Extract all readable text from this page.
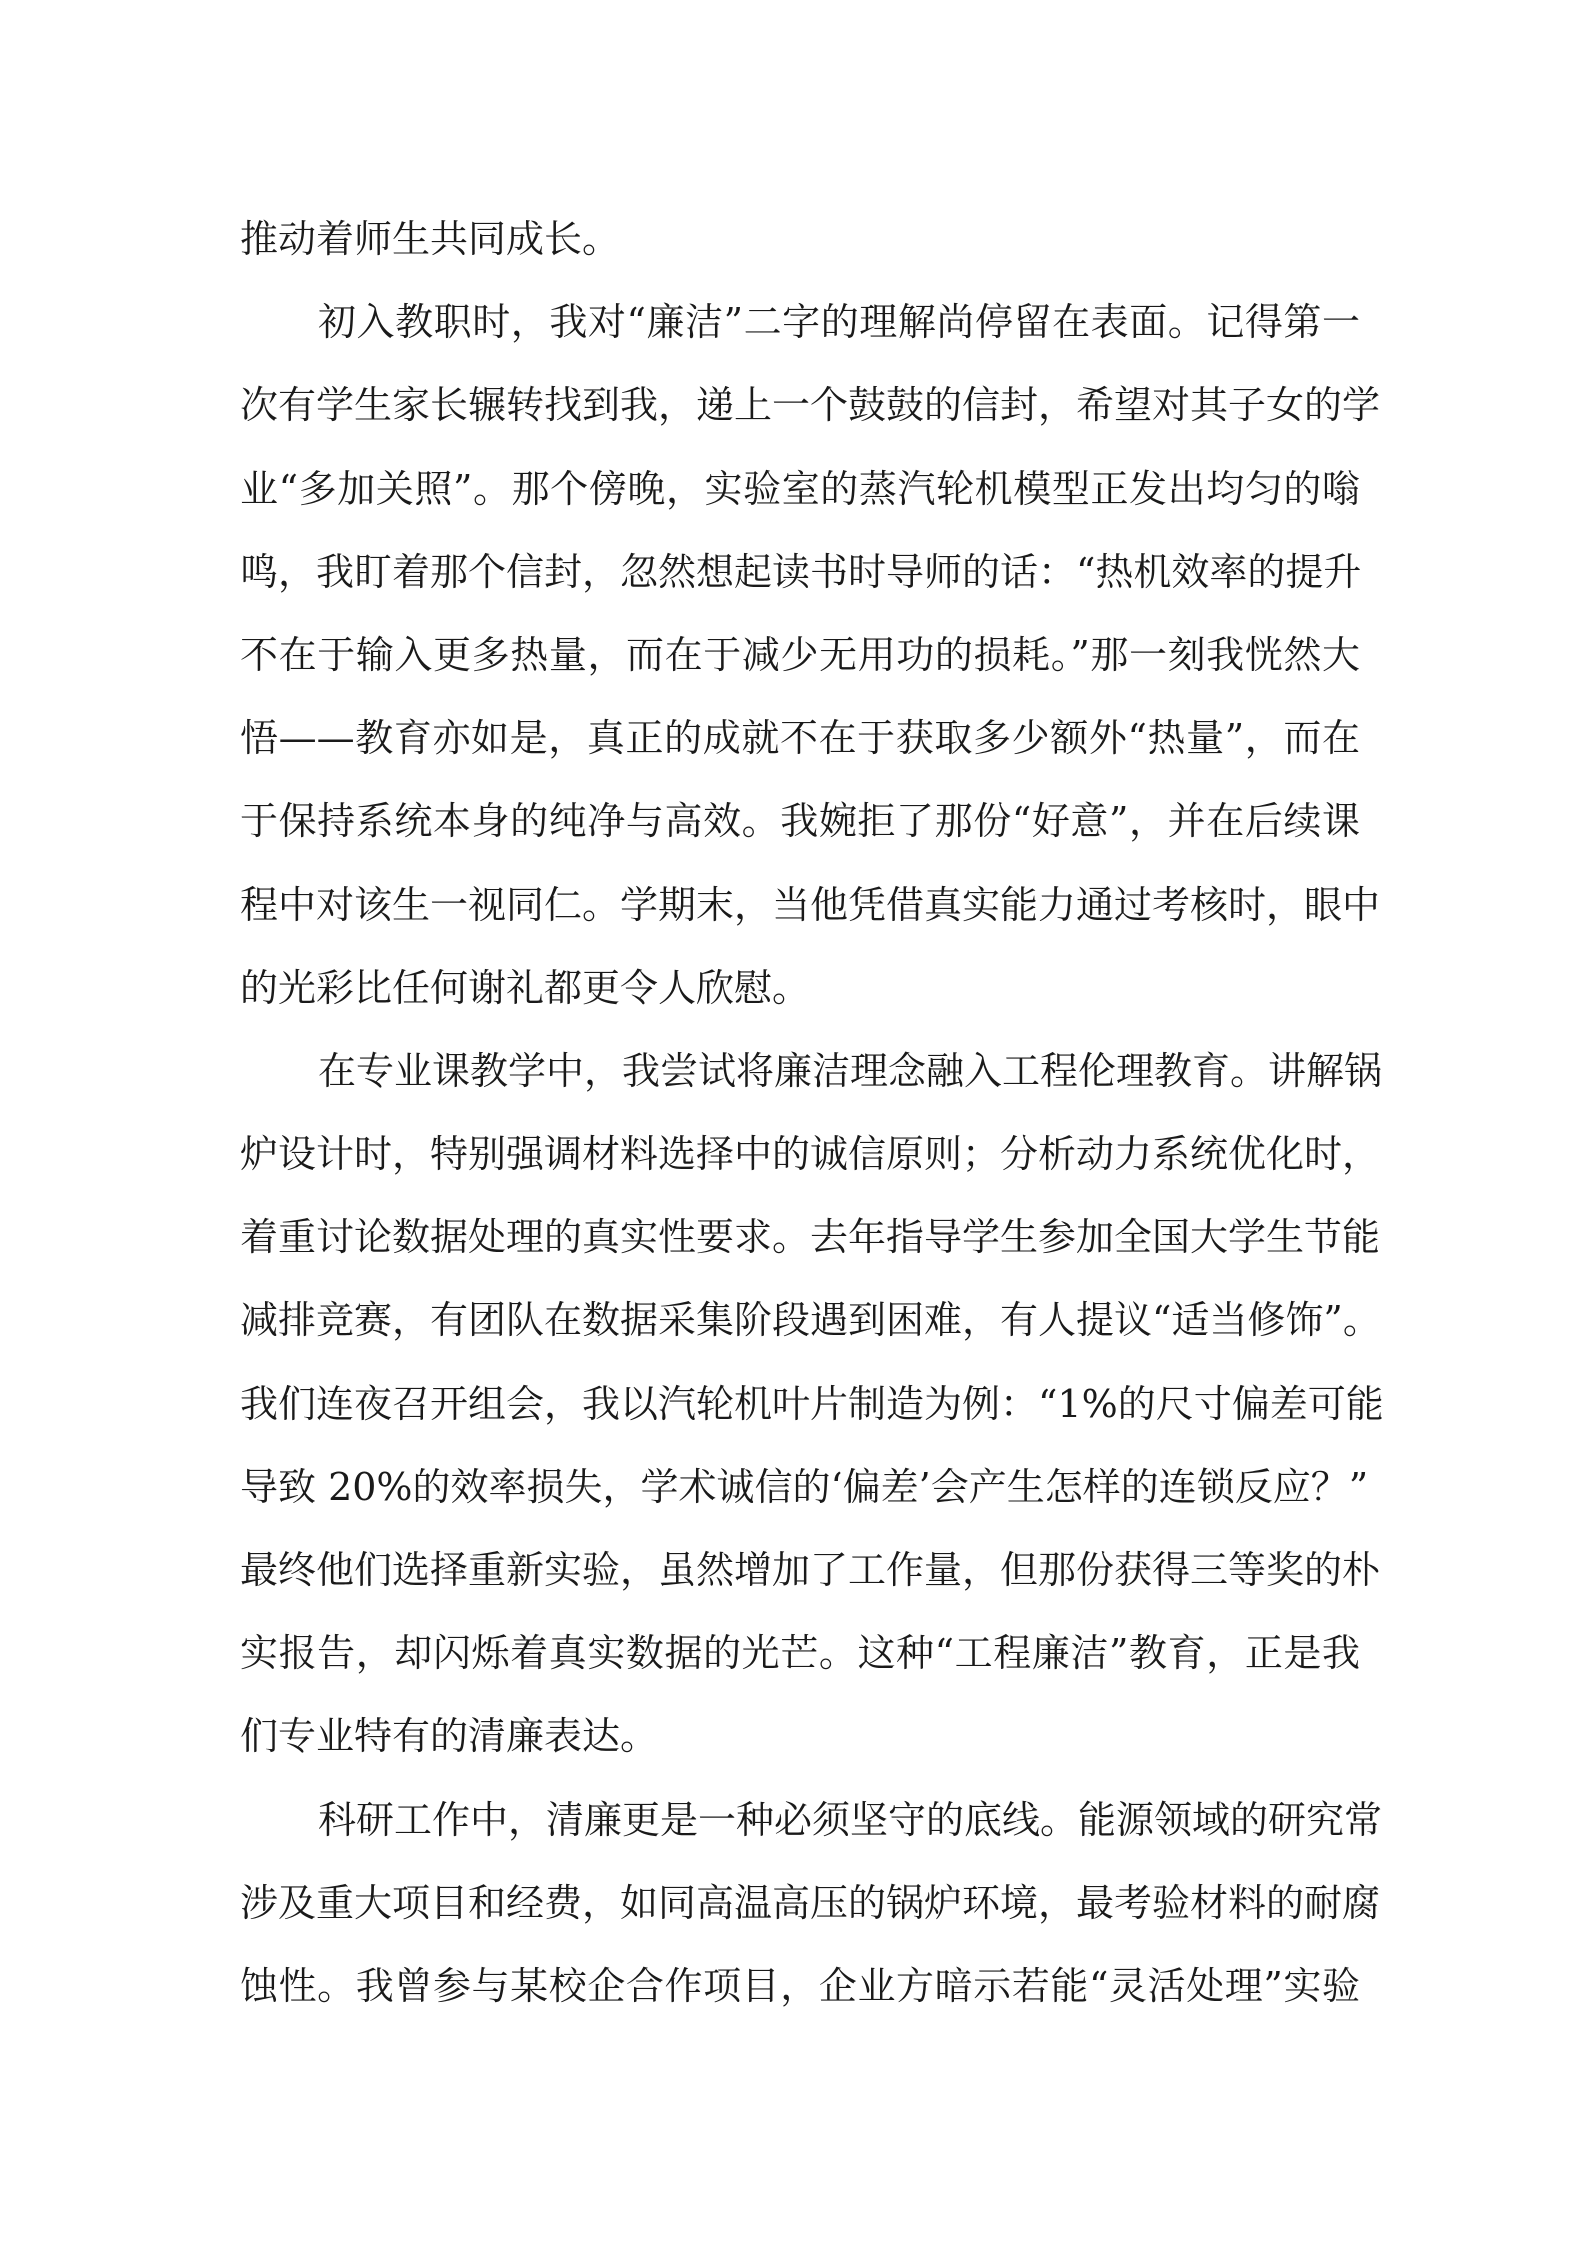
推动着师生共同成长。
初入教职时，我对“廉洁”二字的理解尚停留在表面。记得第一
次有学生家长辗转找到我，递上一个鼓鼓的信封，希望对其子女的学
业“多加关照”。那个傍晚，实验室的蒸汽轮机模型正发出均匀的嗡
鸣，我盯着那个信封，忽然想起读书时导师的话：“热机效率的提升
不在于输入更多热量，而在于减少无用功的损耗。”那一刻我恍然大
悟——教育亦如是，真正的成就不在于获取多少额外“热量”，而在
于保持系统本身的纯净与高效。我婉拒了那份“好意”，并在后续课
程中对该生一视同仁。学期末，当他凭借真实能力通过考核时，眼中
的光彩比任何谢礼都更令人欣慰。
在专业课教学中，我尝试将廉洁理念融入工程伦理教育。讲解锅
炉设计时，特别强调材料选择中的诚信原则；分析动力系统优化时，
着重讨论数据处理的真实性要求。去年指导学生参加全国大学生节能
减排竞赛，有团队在数据采集阶段遇到困难，有人提议“适当修饰”。
我们连夜召开组会，我以汽轮机叶片制造为例：“1%的尺寸偏差可能
导致 20%的效率损失，学术诚信的‘偏差’会产生怎样的连锁反应？”
最终他们选择重新实验，虽然增加了工作量，但那份获得三等奖的朴
实报告，却闪烁着真实数据的光芒。这种“工程廉洁”教育，正是我
们专业特有的清廉表达。
科研工作中，清廉更是一种必须坚守的底线。能源领域的研究常
涉及重大项目和经费，如同高温高压的锅炉环境，最考验材料的耐腐
蚀性。我曾参与某校企合作项目，企业方暗示若能“灵活处理”实验
